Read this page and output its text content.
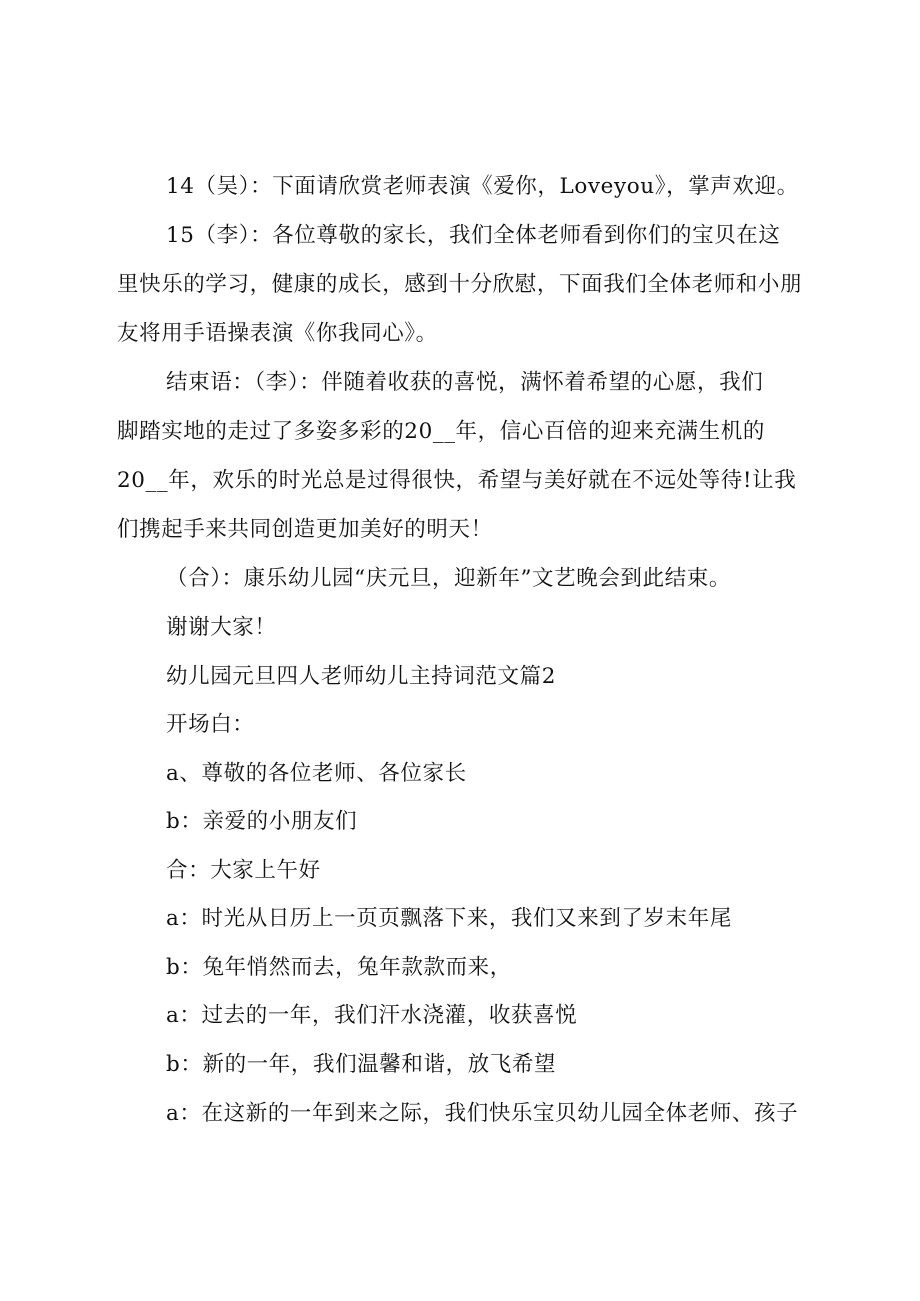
14（吴）：下面请欣赏老师表演《爱你，Loveyou》，掌声欢迎。
15（李）：各位尊敬的家长，我们全体老师看到你们的宝贝在这
里快乐的学习，健康的成长，感到十分欣慰，下面我们全体老师和小朋
友将用手语操表演《你我同心》。
结束语：（李）：伴随着收获的喜悦，满怀着希望的心愿，我们
脚踏实地的走过了多姿多彩的20__年，信心百倍的迎来充满生机的
20__年，欢乐的时光总是过得很快，希望与美好就在不远处等待!让我
们携起手来共同创造更加美好的明天！
（合）：康乐幼儿园“庆元旦，迎新年”文艺晚会到此结束。
谢谢大家！
幼儿园元旦四人老师幼儿主持词范文篇2
开场白：
a、尊敬的各位老师、各位家长
b：亲爱的小朋友们
合：大家上午好
a：时光从日历上一页页飘落下来，我们又来到了岁末年尾
b：兔年悄然而去，兔年款款而来，
a：过去的一年，我们汗水浇灌，收获喜悦
b：新的一年，我们温馨和谐，放飞希望
a：在这新的一年到来之际，我们快乐宝贝幼儿园全体老师、孩子
